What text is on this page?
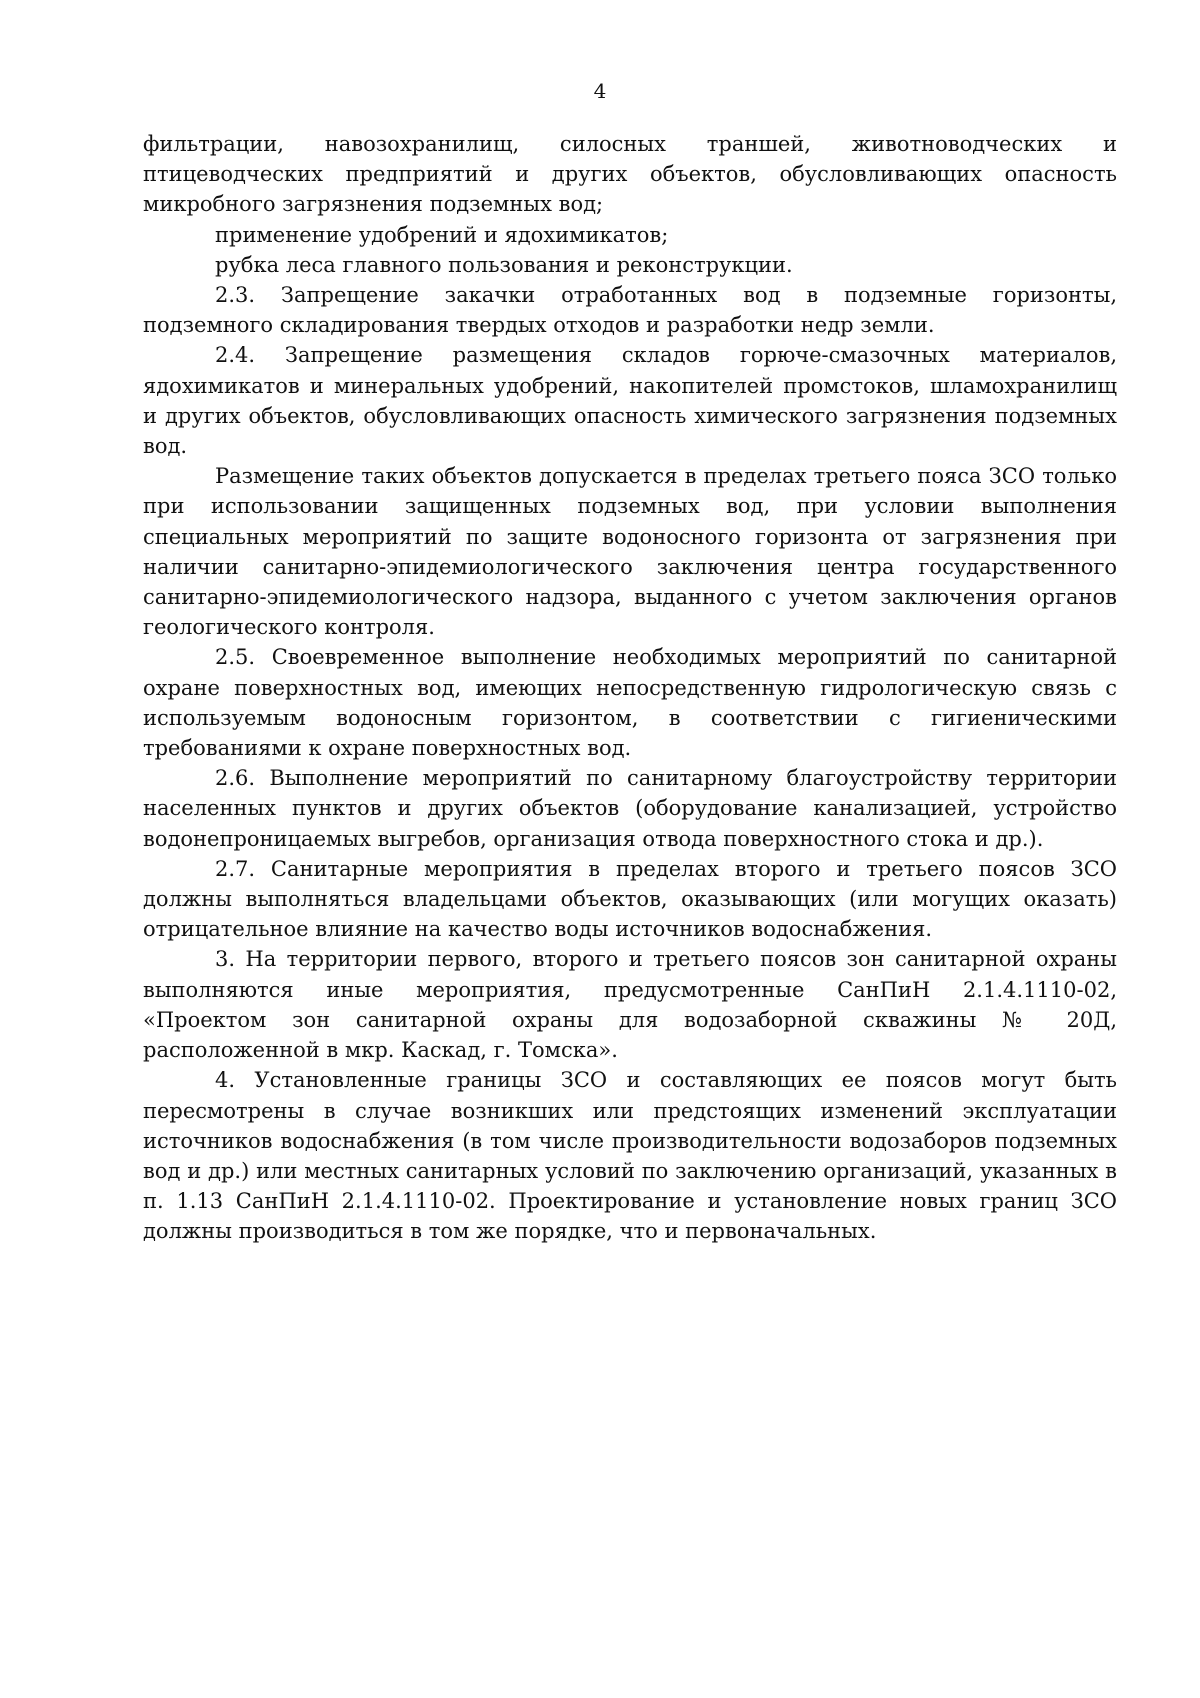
4

фильтрации, навозохранилищ, силосных траншей, животноводческих и птицеводческих предприятий и других объектов, обусловливающих опасность микробного загрязнения подземных вод;

применение удобрений и ядохимикатов;

рубка леса главного пользования и реконструкции.

2.3. Запрещение закачки отработанных вод в подземные горизонты, подземного складирования твердых отходов и разработки недр земли.

2.4. Запрещение размещения складов горюче-смазочных материалов, ядохимикатов и минеральных удобрений, накопителей промстоков, шламохранилищ и других объектов, обусловливающих опасность химического загрязнения подземных вод.

Размещение таких объектов допускается в пределах третьего пояса ЗСО только при использовании защищенных подземных вод, при условии выполнения специальных мероприятий по защите водоносного горизонта от загрязнения при наличии санитарно-эпидемиологического заключения центра государственного санитарно-эпидемиологического надзора, выданного с учетом заключения органов геологического контроля.

2.5. Своевременное выполнение необходимых мероприятий по санитарной охране поверхностных вод, имеющих непосредственную гидрологическую связь с используемым водоносным горизонтом, в соответствии с гигиеническими требованиями к охране поверхностных вод.

2.6. Выполнение мероприятий по санитарному благоустройству территории населенных пунктов и других объектов (оборудование канализацией, устройство водонепроницаемых выгребов, организация отвода поверхностного стока и др.).

2.7. Санитарные мероприятия в пределах второго и третьего поясов ЗСО должны выполняться владельцами объектов, оказывающих (или могущих оказать) отрицательное влияние на качество воды источников водоснабжения.

3. На территории первого, второго и третьего поясов зон санитарной охраны выполняются иные мероприятия, предусмотренные СанПиН 2.1.4.1110-02, «Проектом зон санитарной охраны для водозаборной скважины № 20Д, расположенной в мкр. Каскад, г. Томска».

4. Установленные границы ЗСО и составляющих ее поясов могут быть пересмотрены в случае возникших или предстоящих изменений эксплуатации источников водоснабжения (в том числе производительности водозаборов подземных вод и др.) или местных санитарных условий по заключению организаций, указанных в п. 1.13 СанПиН 2.1.4.1110-02. Проектирование и установление новых границ ЗСО должны производиться в том же порядке, что и первоначальных.
